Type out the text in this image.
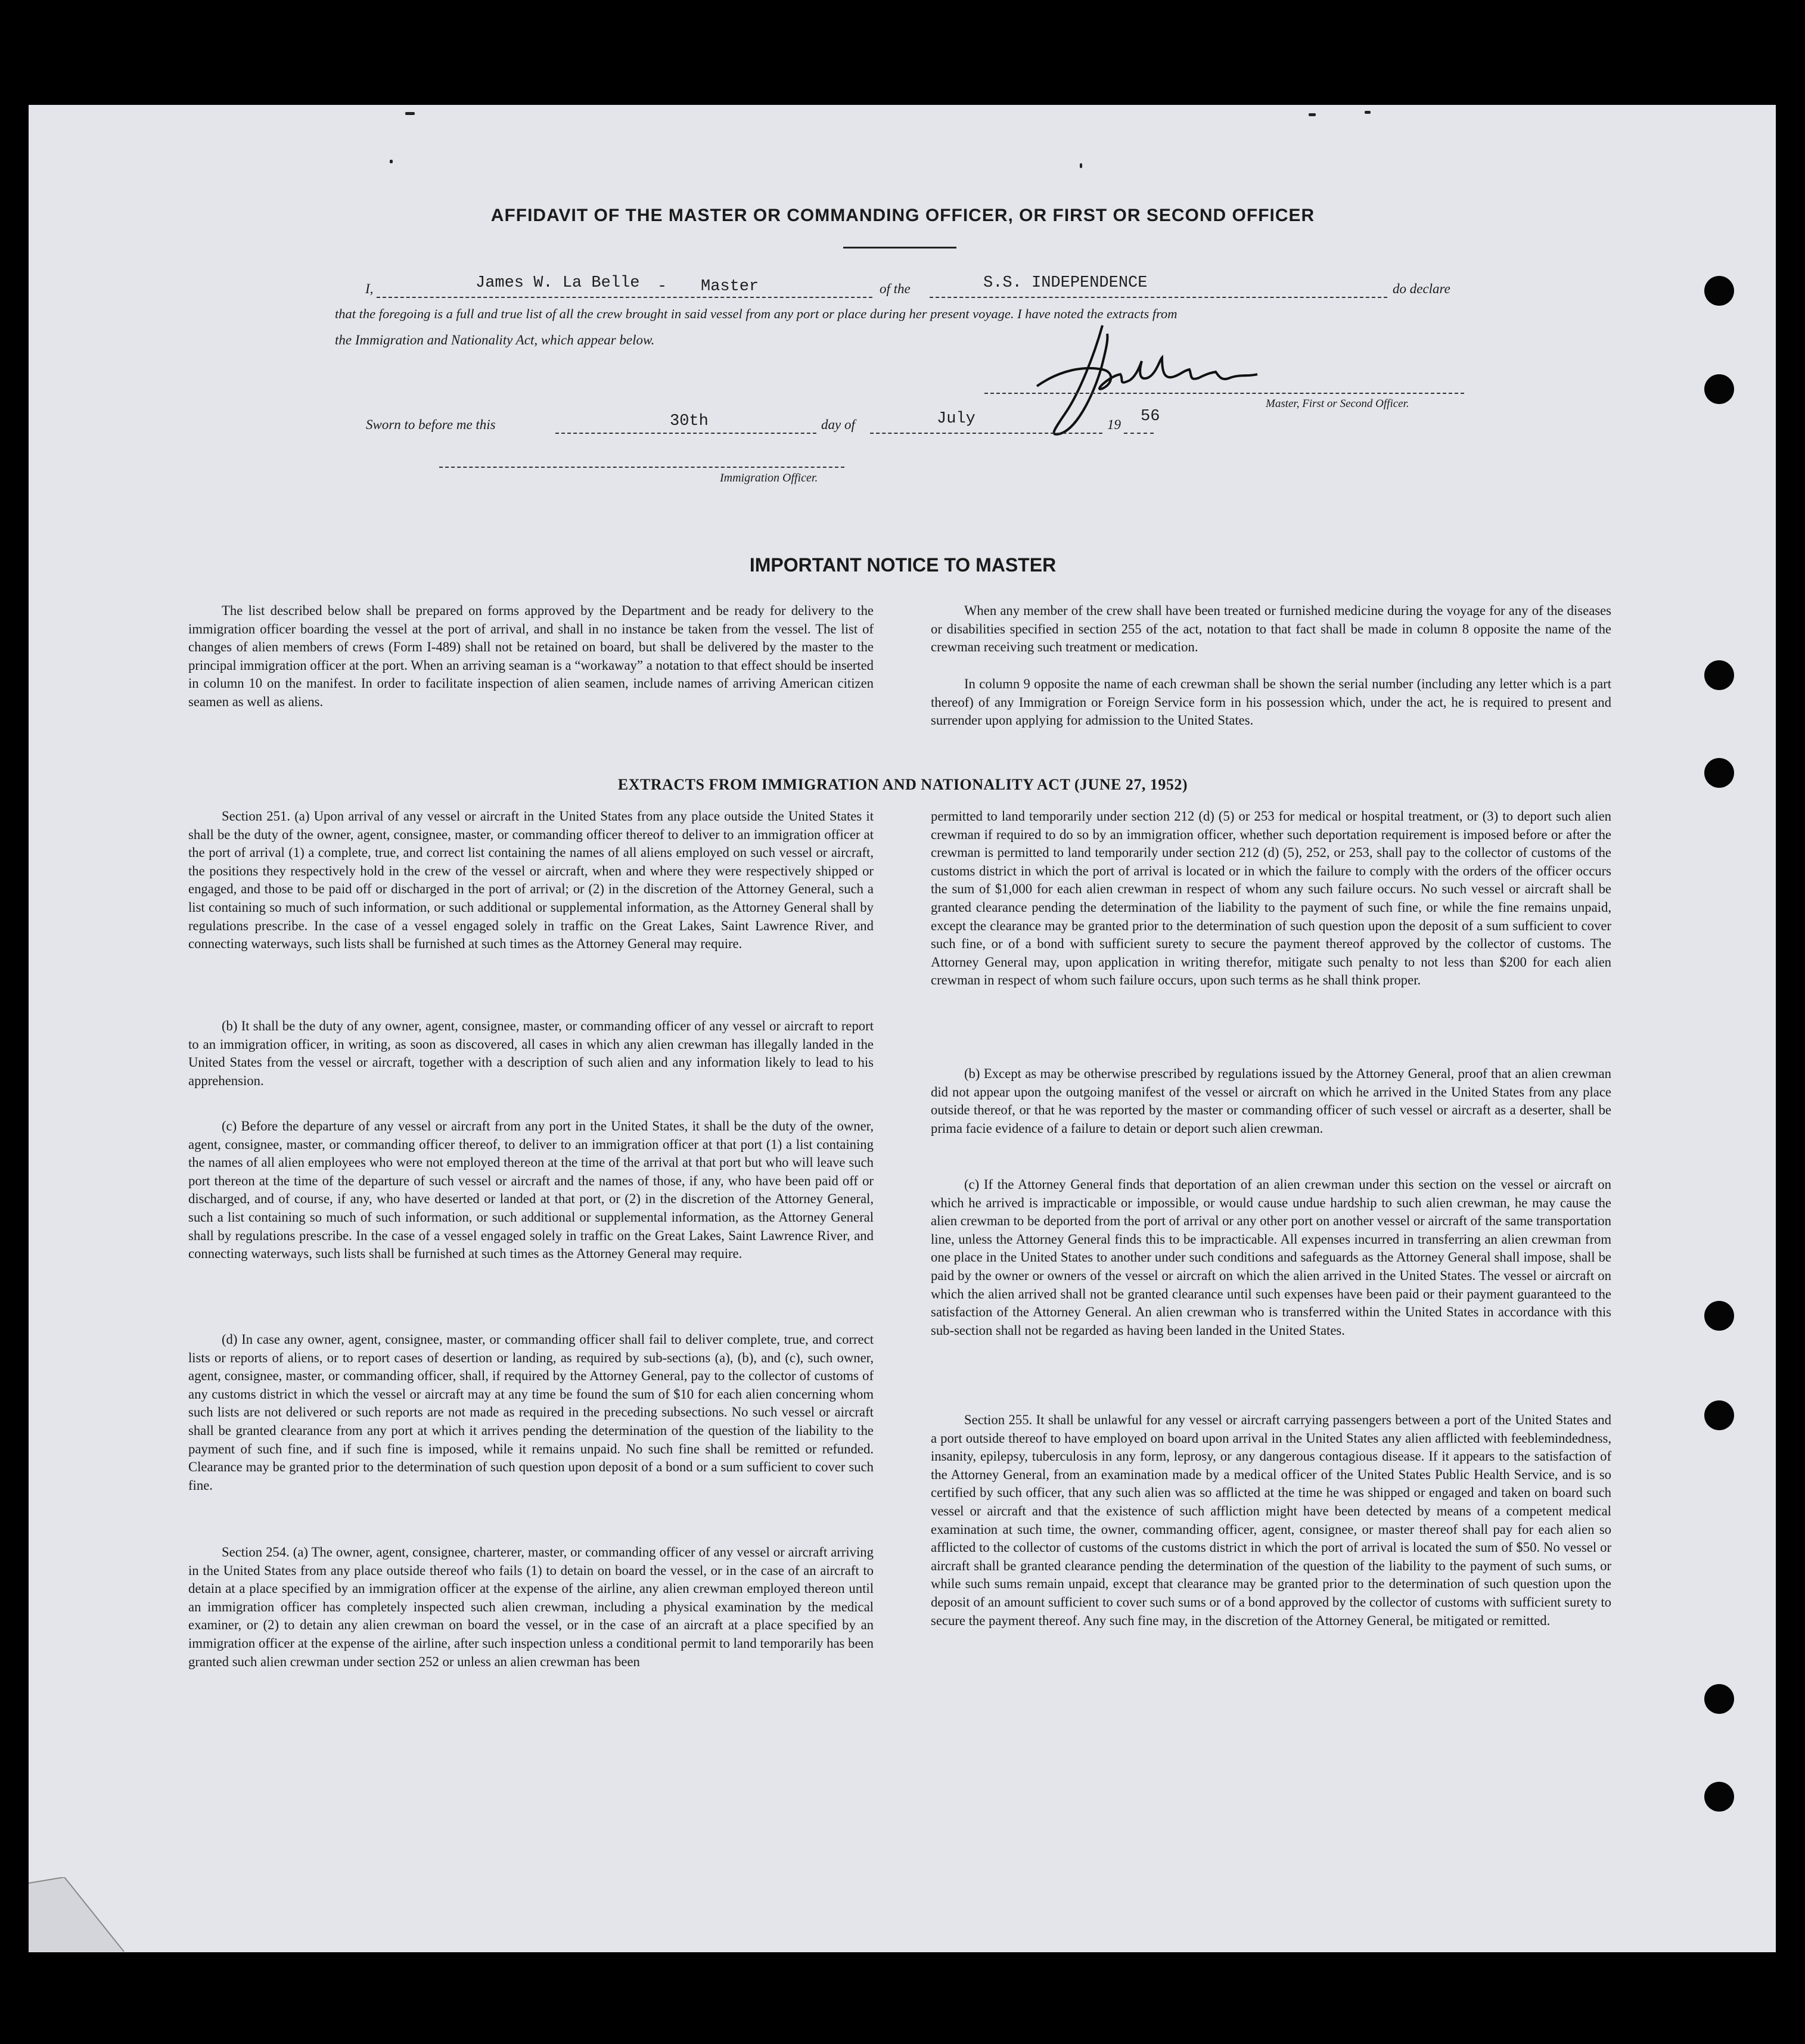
AFFIDAVIT OF THE MASTER OR COMMANDING OFFICER, OR FIRST OR SECOND OFFICER
I,	James W. La Belle - Master	of the	S.S. INDEPENDENCE	do declare
that the foregoing is a full and true list of all the crew brought in said vessel from any port or place during her present voyage. I have noted the extracts from
the Immigration and Nationality Act, which appear below.
Master, First or Second Officer.
Sworn to before me this	30th	day of	July	19 56
Immigration Officer.
IMPORTANT NOTICE TO MASTER

The list described below shall be prepared on forms approved by the Department and be ready for delivery to the immigration officer boarding the vessel at the port of arrival, and shall in no instance be taken from the vessel. The list of changes of alien members of crews (Form I-489) shall not be retained on board, but shall be delivered by the master to the principal immigration officer at the port. When an arriving seaman is a “workaway” a notation to that effect should be inserted in column 10 on the manifest. In order to facilitate inspection of alien seamen, include names of arriving American citizen seamen as well as aliens.

When any member of the crew shall have been treated or furnished medicine during the voyage for any of the diseases or disabilities specified in section 255 of the act, notation to that fact shall be made in column 8 opposite the name of the crewman receiving such treatment or medication.

In column 9 opposite the name of each crewman shall be shown the serial number (including any letter which is a part thereof) of any Immigration or Foreign Service form in his possession which, under the act, he is required to present and surrender upon applying for admission to the United States.

EXTRACTS FROM IMMIGRATION AND NATIONALITY ACT (JUNE 27, 1952)

Section 251. (a) Upon arrival of any vessel or aircraft in the United States from any place outside the United States it shall be the duty of the owner, agent, consignee, master, or commanding officer thereof to deliver to an immigration officer at the port of arrival (1) a complete, true, and correct list containing the names of all aliens employed on such vessel or aircraft, the positions they respectively hold in the crew of the vessel or aircraft, when and where they were respectively shipped or engaged, and those to be paid off or discharged in the port of arrival; or (2) in the discretion of the Attorney General, such a list containing so much of such information, or such additional or supplemental information, as the Attorney General shall by regulations prescribe. In the case of a vessel engaged solely in traffic on the Great Lakes, Saint Lawrence River, and connecting waterways, such lists shall be furnished at such times as the Attorney General may require.

(b) It shall be the duty of any owner, agent, consignee, master, or commanding officer of any vessel or aircraft to report to an immigration officer, in writing, as soon as discovered, all cases in which any alien crewman has illegally landed in the United States from the vessel or aircraft, together with a description of such alien and any information likely to lead to his apprehension.

(c) Before the departure of any vessel or aircraft from any port in the United States, it shall be the duty of the owner, agent, consignee, master, or commanding officer thereof, to deliver to an immigration officer at that port (1) a list containing the names of all alien employees who were not employed thereon at the time of the arrival at that port but who will leave such port thereon at the time of the departure of such vessel or aircraft and the names of those, if any, who have been paid off or discharged, and of course, if any, who have deserted or landed at that port, or (2) in the discretion of the Attorney General, such a list containing so much of such information, or such additional or supplemental information, as the Attorney General shall by regulations prescribe. In the case of a vessel engaged solely in traffic on the Great Lakes, Saint Lawrence River, and connecting waterways, such lists shall be furnished at such times as the Attorney General may require.

(d) In case any owner, agent, consignee, master, or commanding officer shall fail to deliver complete, true, and correct lists or reports of aliens, or to report cases of desertion or landing, as required by sub-sections (a), (b), and (c), such owner, agent, consignee, master, or commanding officer, shall, if required by the Attorney General, pay to the collector of customs of any customs district in which the vessel or aircraft may at any time be found the sum of $10 for each alien concerning whom such lists are not delivered or such reports are not made as required in the preceding subsections. No such vessel or aircraft shall be granted clearance from any port at which it arrives pending the determination of the question of the liability to the payment of such fine, and if such fine is imposed, while it remains unpaid. No such fine shall be remitted or refunded. Clearance may be granted prior to the determination of such question upon deposit of a bond or a sum sufficient to cover such fine.

Section 254. (a) The owner, agent, consignee, charterer, master, or commanding officer of any vessel or aircraft arriving in the United States from any place outside thereof who fails (1) to detain on board the vessel, or in the case of an aircraft to detain at a place specified by an immigration officer at the expense of the airline, any alien crewman employed thereon until an immigration officer has completely inspected such alien crewman, including a physical examination by the medical examiner, or (2) to detain any alien crewman on board the vessel, or in the case of an aircraft at a place specified by an immigration officer at the expense of the airline, after such inspection unless a conditional permit to land temporarily has been granted such alien crewman under section 252 or unless an alien crewman has been

permitted to land temporarily under section 212 (d) (5) or 253 for medical or hospital treatment, or (3) to deport such alien crewman if required to do so by an immigration officer, whether such deportation requirement is imposed before or after the crewman is permitted to land temporarily under section 212 (d) (5), 252, or 253, shall pay to the collector of customs of the customs district in which the port of arrival is located or in which the failure to comply with the orders of the officer occurs the sum of $1,000 for each alien crewman in respect of whom any such failure occurs. No such vessel or aircraft shall be granted clearance pending the determination of the liability to the payment of such fine, or while the fine remains unpaid, except the clearance may be granted prior to the determination of such question upon the deposit of a sum sufficient to cover such fine, or of a bond with sufficient surety to secure the payment thereof approved by the collector of customs. The Attorney General may, upon application in writing therefor, mitigate such penalty to not less than $200 for each alien crewman in respect of whom such failure occurs, upon such terms as he shall think proper.

(b) Except as may be otherwise prescribed by regulations issued by the Attorney General, proof that an alien crewman did not appear upon the outgoing manifest of the vessel or aircraft on which he arrived in the United States from any place outside thereof, or that he was reported by the master or commanding officer of such vessel or aircraft as a deserter, shall be prima facie evidence of a failure to detain or deport such alien crewman.

(c) If the Attorney General finds that deportation of an alien crewman under this section on the vessel or aircraft on which he arrived is impracticable or impossible, or would cause undue hardship to such alien crewman, he may cause the alien crewman to be deported from the port of arrival or any other port on another vessel or aircraft of the same transportation line, unless the Attorney General finds this to be impracticable. All expenses incurred in transferring an alien crewman from one place in the United States to another under such conditions and safeguards as the Attorney General shall impose, shall be paid by the owner or owners of the vessel or aircraft on which the alien arrived in the United States. The vessel or aircraft on which the alien arrived shall not be granted clearance until such expenses have been paid or their payment guaranteed to the satisfaction of the Attorney General. An alien crewman who is transferred within the United States in accordance with this sub-section shall not be regarded as having been landed in the United States.

Section 255. It shall be unlawful for any vessel or aircraft carrying passengers between a port of the United States and a port outside thereof to have employed on board upon arrival in the United States any alien afflicted with feeblemindedness, insanity, epilepsy, tuberculosis in any form, leprosy, or any dangerous contagious disease. If it appears to the satisfaction of the Attorney General, from an examination made by a medical officer of the United States Public Health Service, and is so certified by such officer, that any such alien was so afflicted at the time he was shipped or engaged and taken on board such vessel or aircraft and that the existence of such affliction might have been detected by means of a competent medical examination at such time, the owner, commanding officer, agent, consignee, or master thereof shall pay for each alien so afflicted to the collector of customs of the customs district in which the port of arrival is located the sum of $50. No vessel or aircraft shall be granted clearance pending the determination of the question of the liability to the payment of such sums, or while such sums remain unpaid, except that clearance may be granted prior to the determination of such question upon the deposit of an amount sufficient to cover such sums or of a bond approved by the collector of customs with sufficient surety to secure the payment thereof. Any such fine may, in the discretion of the Attorney General, be mitigated or remitted.
